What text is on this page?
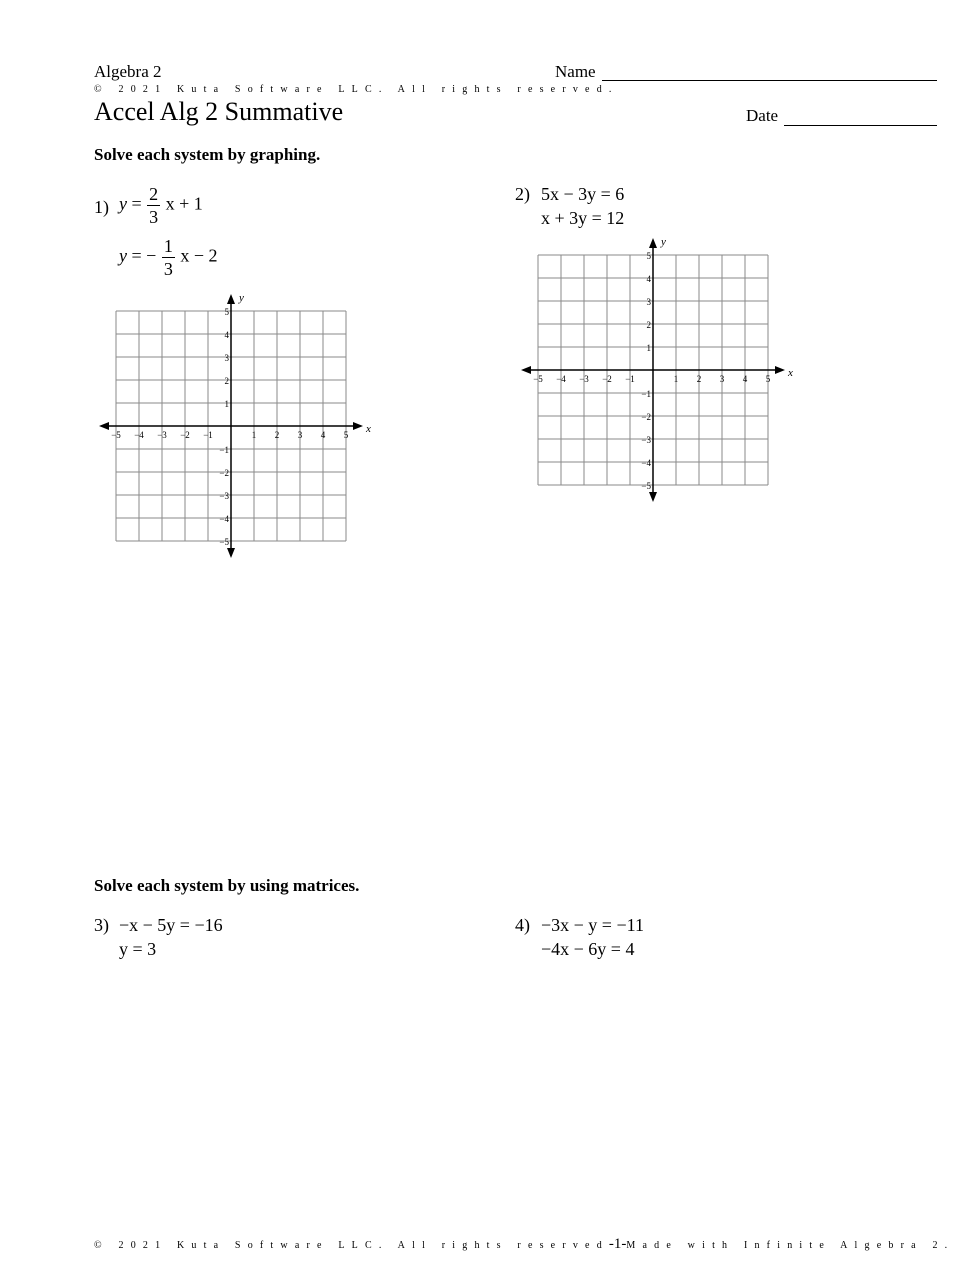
Algebra 2	Name
© 2021 Kuta Software LLC. All rights reserved.
Accel Alg 2 Summative	Date
Solve each system by graphing.
1) $y = \frac{2}{3}$ x + 1
y = − $\frac{1}{3}$ x − 2
2) 5x − 3y = 6
x + 3y = 12
−5 −4 −3 −2 −1	1 2 3 4 5
5
4
3
2
1
−1
−2
−3
−4
−5
x
y
−5 −4 −3 −2 −1	1 2 3 4 5
5
4
3
2
1
−1
−2
−3
−4
−5
x
y
Solve each system by using matrices.
3) −x − 5y = −16
y = 3
4) −3x − y = −11
−4x − 6y = 4
© 2021 Kuta Software LLC. All rights reserved-1-Made with Infinite Algebra 2.
